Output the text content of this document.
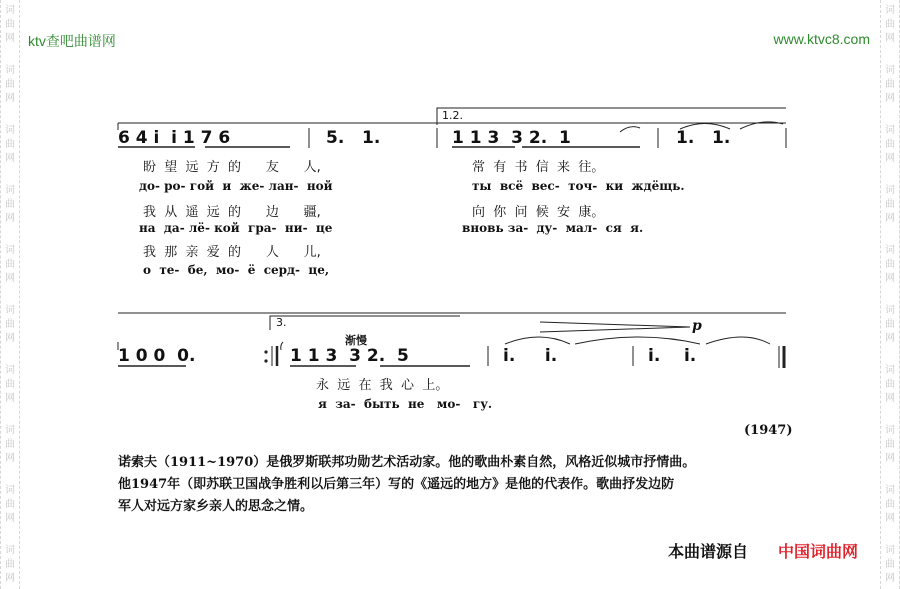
词
曲
网
词
曲
网
词
曲
网
词
曲
网
词
曲
网
词
曲
网
词
曲
网
词
曲
网
词
曲
网
词
曲
网
词
曲
网
词
曲
网
词
曲
网
词
曲
网
词
曲
网
词
曲
网
词
曲
网
词
曲
网
词
曲
网
词
曲
网
ktv查吧曲谱网	www.ktvc8.com
6 4 i  i 1 7 6	5.   1.	1 1 3  3 2.  1	1.   1.
1.2.
盼  望  远  方  的      友      人,	常  有  书  信  来  往。
до- ро- гой  и  же- лан-  ной	ты  всё  вес-  точ-  ки  ждёщь.
我  从  遥  远  的      边      疆,	向  你  问  候  安  康。
на  да- лё- кой  гра-  ни-  це	вновь за-  ду-  мал-  ся  я.
我  那  亲  爱  的      人      儿,
о  те-  бе,  мо-  ё  серд-  це,
1 0 0  0.	1 1 3  3 2.  5	i.     i.	i.    i.
3.
渐慢
p
永  远  在  我  心  上。
я  за-  быть  не   мо-   гу.
(1947)
诺索夫（1911~1970）是俄罗斯联邦功勋艺术活动家。他的歌曲朴素自然，风格近似城市抒情曲。
他1947年（即苏联卫国战争胜利以后第三年）写的《遥远的地方》是他的代表作。歌曲抒发边防
军人对远方家乡亲人的思念之情。
本曲谱源自 中国词曲网
